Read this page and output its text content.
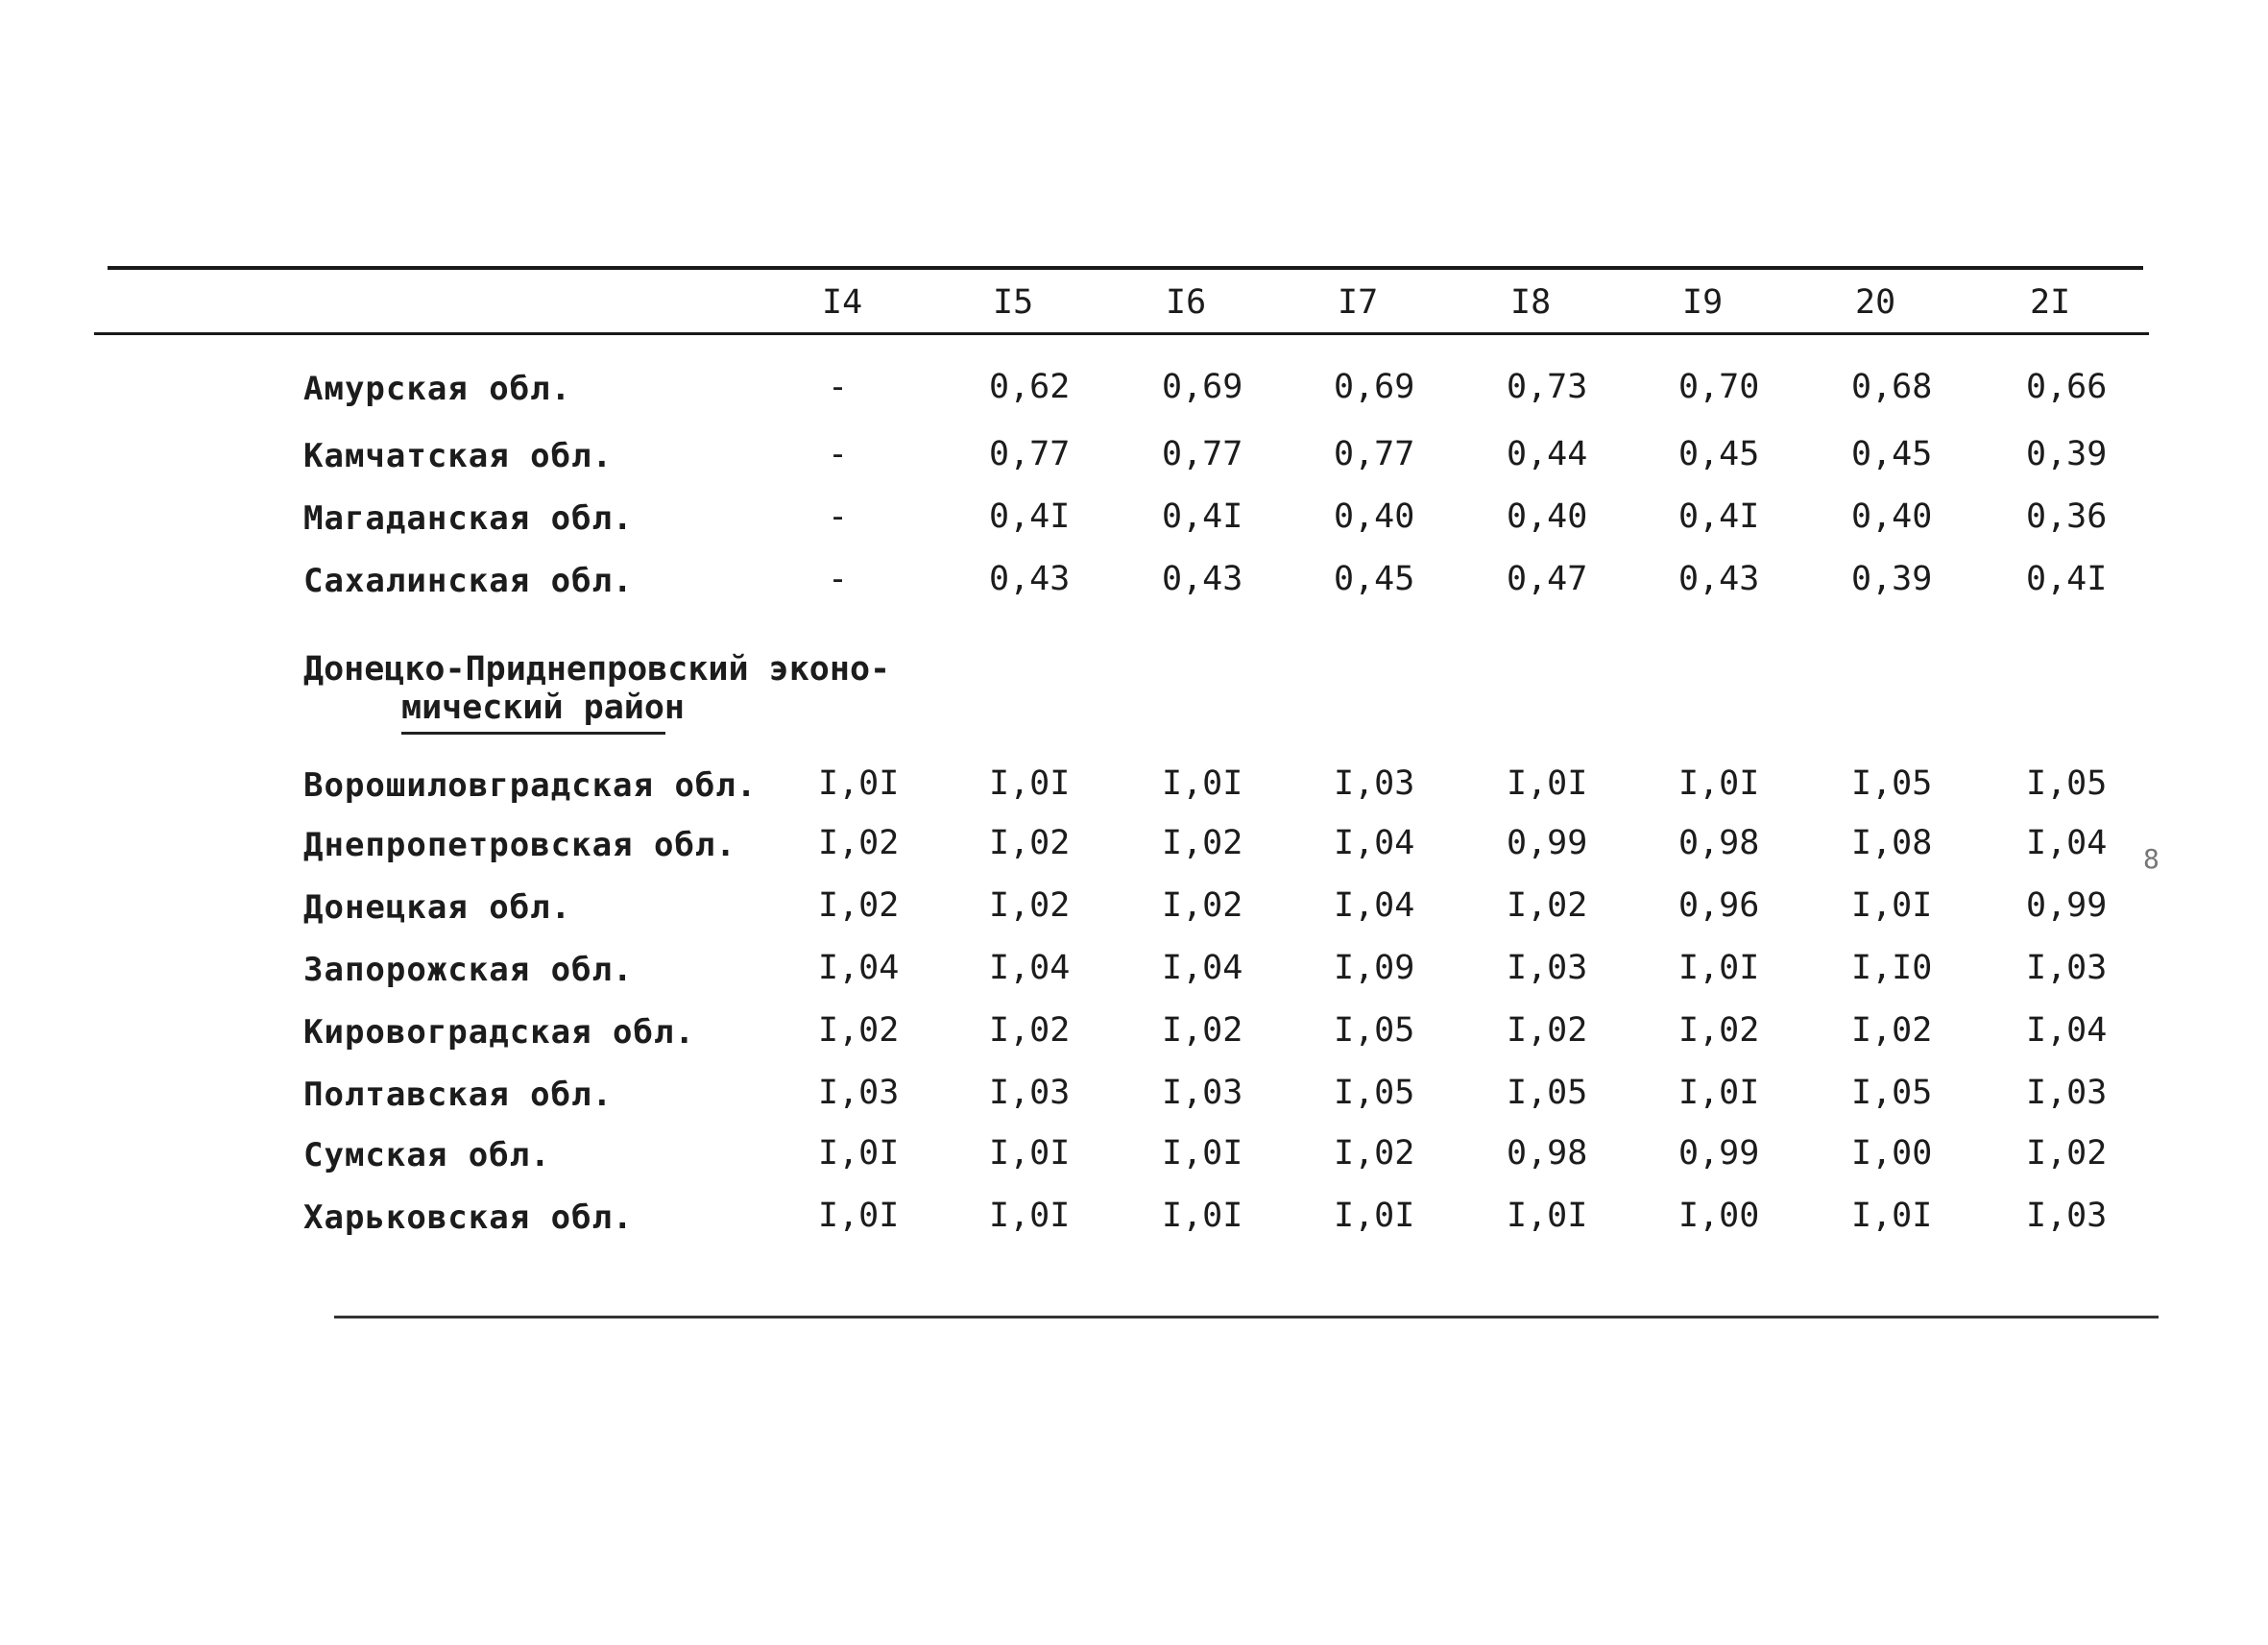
I4	I5	I6	I7	I8	I9	20	2I
Амурская обл.	-	0,62	0,69	0,69	0,73	0,70	0,68	0,66
Камчатская обл.	-	0,77	0,77	0,77	0,44	0,45	0,45	0,39
Магаданская обл.	-	0,4I	0,4I	0,40	0,40	0,4I	0,40	0,36
Сахалинская обл.	-	0,43	0,43	0,45	0,47	0,43	0,39	0,4I
Ворошиловградская обл. I,0I	I,0I	I,0I	I,03	I,0I	I,0I	I,05	I,05
Днепропетровская обл. I,02	I,02	I,02	I,04	0,99	0,98	I,08	I,04
Донецкая обл.	I,02	I,02	I,02	I,04	I,02	0,96	I,0I	0,99
Запорожская обл.	I,04	I,04	I,04	I,09	I,03	I,0I	I,I0	I,03
Кировоградская обл.	I,02	I,02	I,02	I,05	I,02	I,02	I,02	I,04
Полтавская обл.	I,03	I,03	I,03	I,05	I,05	I,0I	I,05	I,03
Сумская обл.	I,0I	I,0I	I,0I	I,02	0,98	0,99	I,00	I,02
Харьковская обл.	I,0I	I,0I	I,0I	I,0I	I,0I	I,00	I,0I	I,03
Донецко-Приднепровский эконо-
мический район
8
